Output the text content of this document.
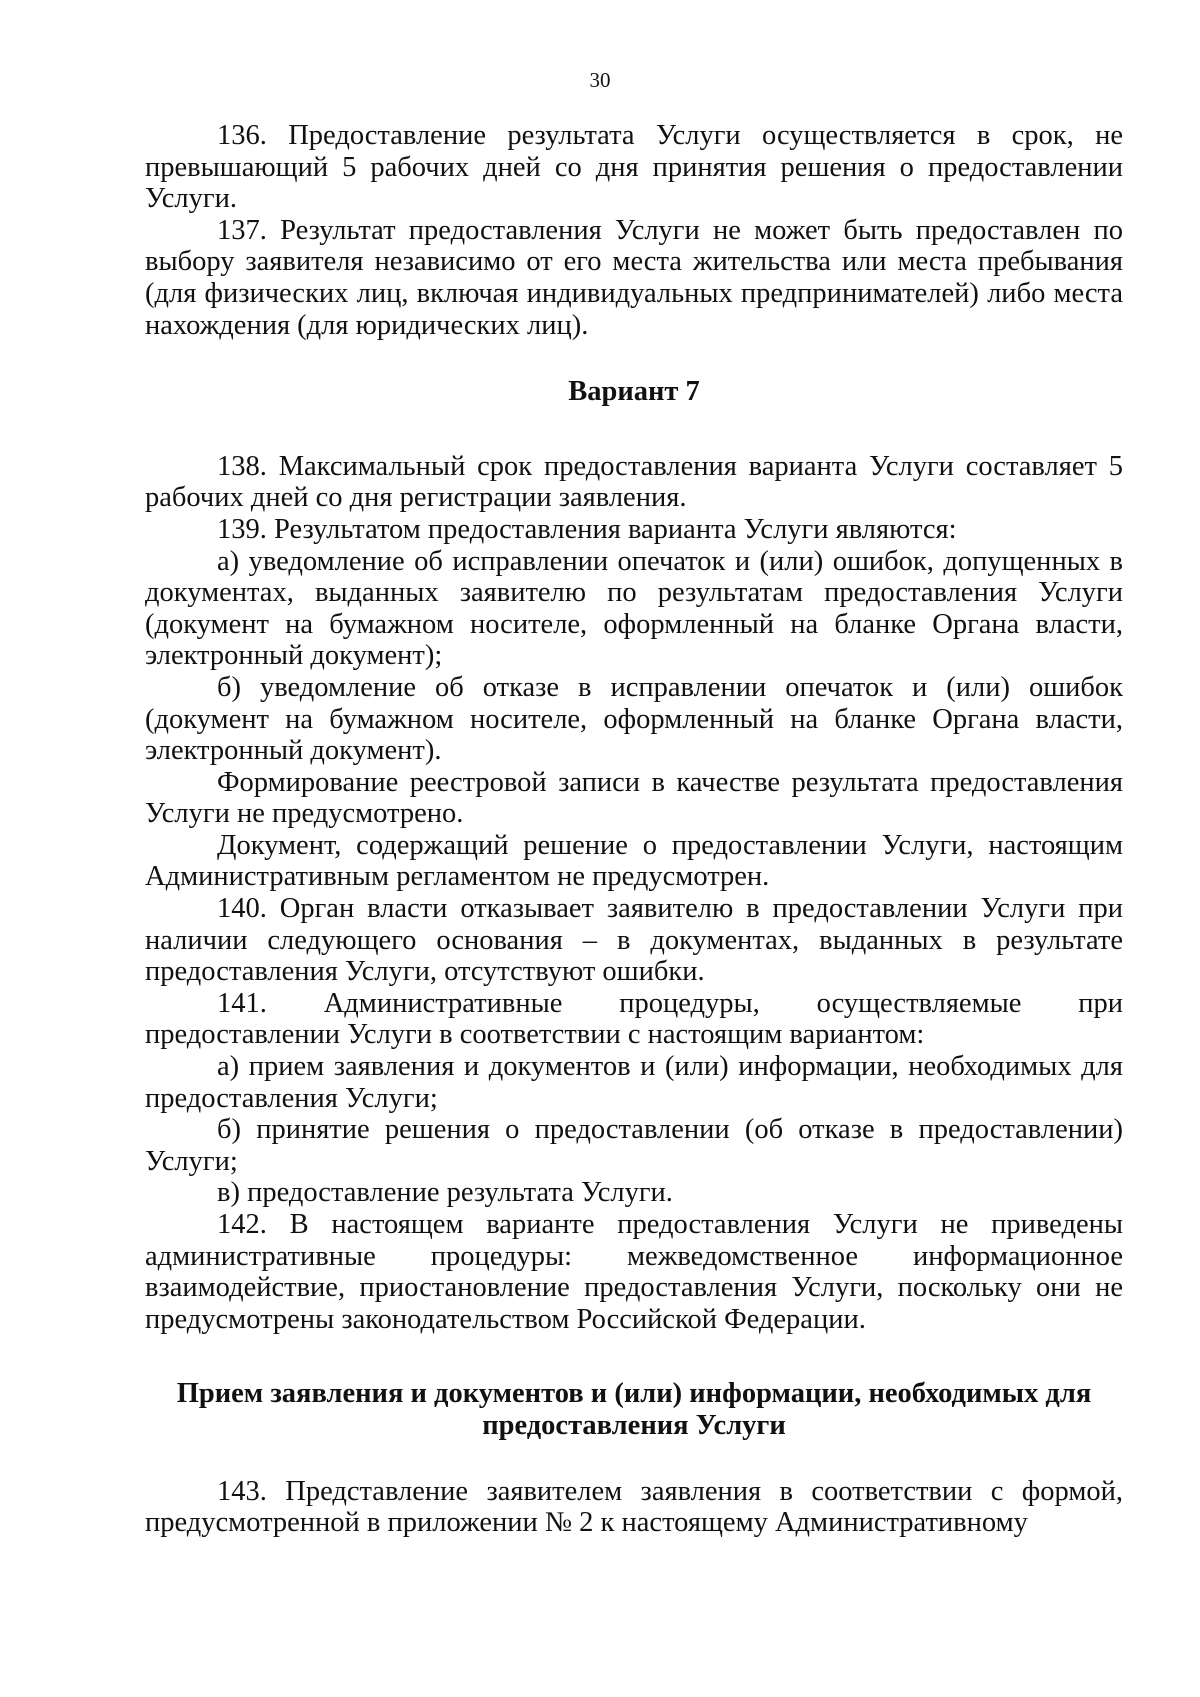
30

136. Предоставление результата Услуги осуществляется в срок, не превышающий 5 рабочих дней со дня принятия решения о предоставлении Услуги.

137. Результат предоставления Услуги не может быть предоставлен по выбору заявителя независимо от его места жительства или места пребывания (для физических лиц, включая индивидуальных предпринимателей) либо места нахождения (для юридических лиц).

Вариант 7

138. Максимальный срок предоставления варианта Услуги составляет 5 рабочих дней со дня регистрации заявления.

139. Результатом предоставления варианта Услуги являются:

а) уведомление об исправлении опечаток и (или) ошибок, допущенных в документах, выданных заявителю по результатам предоставления Услуги (документ на бумажном носителе, оформленный на бланке Органа власти, электронный документ);

б) уведомление об отказе в исправлении опечаток и (или) ошибок (документ на бумажном носителе, оформленный на бланке Органа власти, электронный документ).

Формирование реестровой записи в качестве результата предоставления Услуги не предусмотрено.

Документ, содержащий решение о предоставлении Услуги, настоящим Административным регламентом не предусмотрен.

140. Орган власти отказывает заявителю в предоставлении Услуги при наличии следующего основания – в документах, выданных в результате предоставления Услуги, отсутствуют ошибки.

141. Административные процедуры, осуществляемые при предоставлении Услуги в соответствии с настоящим вариантом:

а) прием заявления и документов и (или) информации, необходимых для предоставления Услуги;

б) принятие решения о предоставлении (об отказе в предоставлении) Услуги;

в) предоставление результата Услуги.

142. В настоящем варианте предоставления Услуги не приведены административные процедуры: межведомственное информационное взаимодействие, приостановление предоставления Услуги, поскольку они не предусмотрены законодательством Российской Федерации.

Прием заявления и документов и (или) информации, необходимых для
предоставления Услуги

143. Представление заявителем заявления в соответствии с формой, предусмотренной в приложении № 2 к настоящему Административному
